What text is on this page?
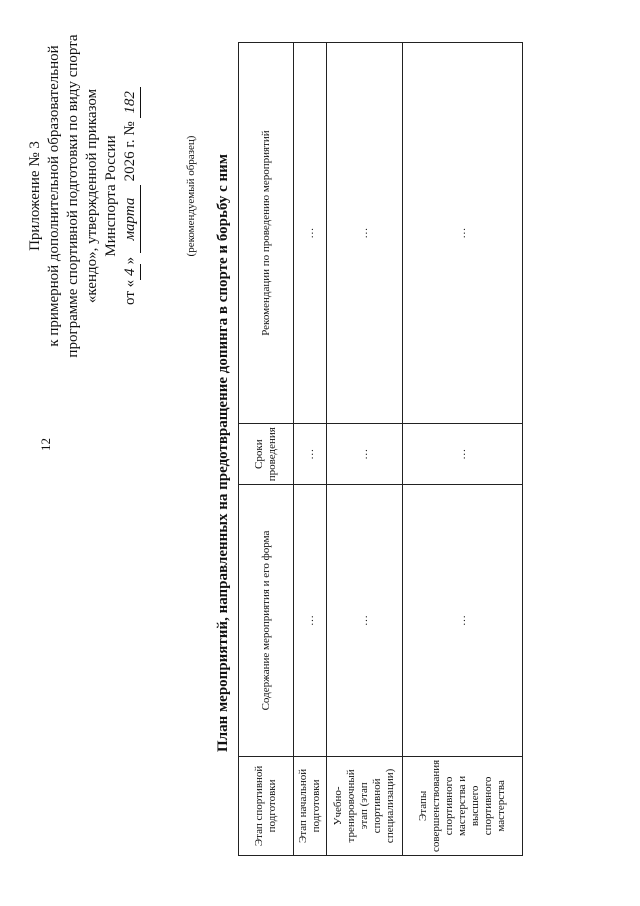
12
Приложение № 3 к примерной дополнительной образовательной программе спортивной подготовки по виду спорта «кендо», утвержденной приказом Минспорта России
от «4» марта 2026 г. № 182
(рекомендуемый образец) План мероприятий, направленных на предотвращение допинга в спорте и борьбу с ним
Этап спортивной подготовки	Содержание мероприятия и его форма	Сроки проведения	Рекомендации по проведению мероприятий
Этап начальной подготовки	…	…	…
Учебно-тренировочный этап (этап спортивной специализации)	…	…	…
Этапы совершенствования спортивного мастерства и высшего спортивного мастерства	…	…	…
